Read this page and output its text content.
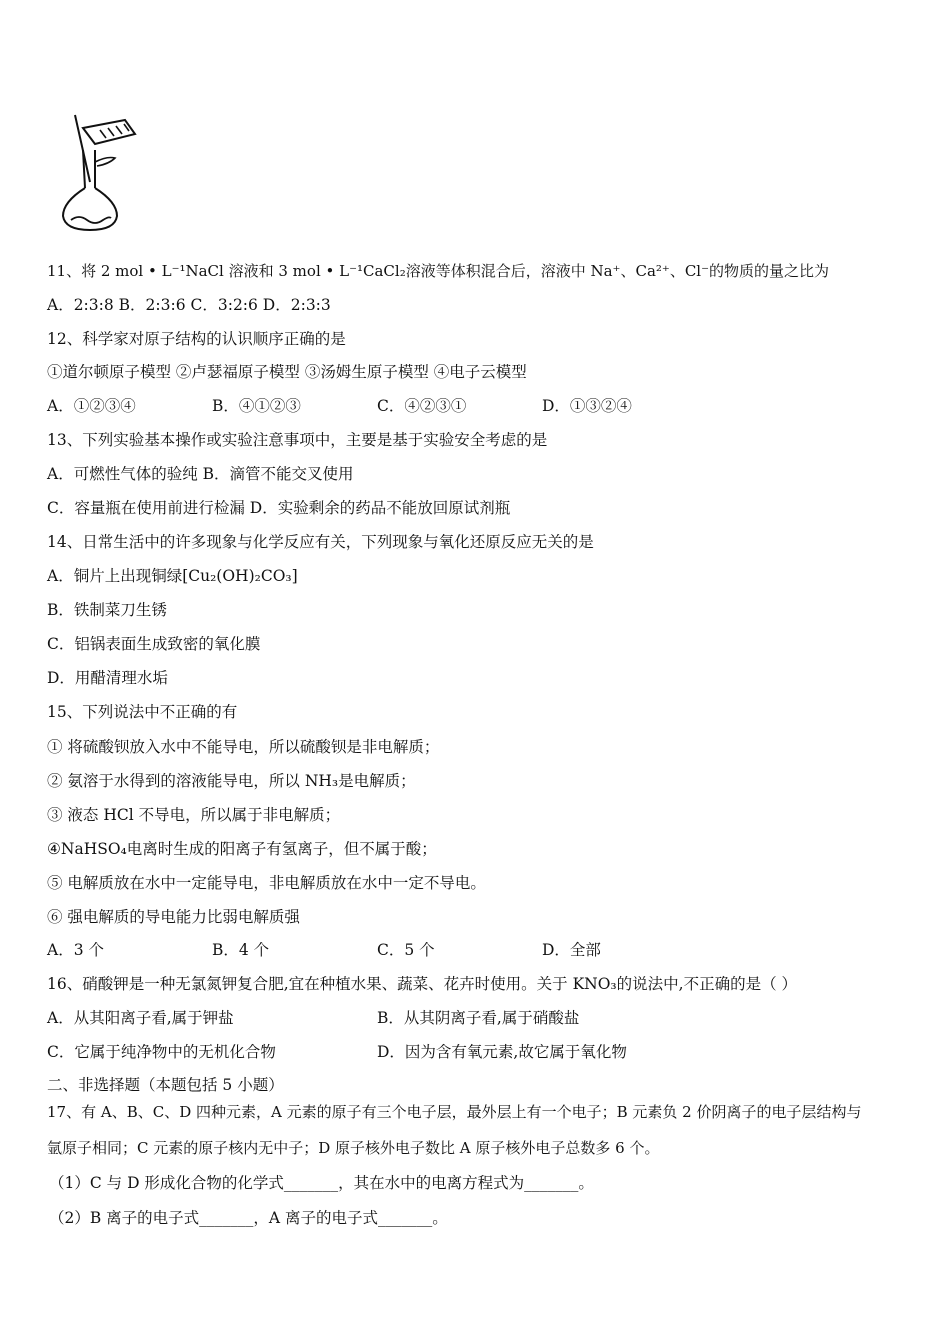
11、将 2 mol • L⁻¹NaCl 溶液和 3 mol • L⁻¹CaCl₂溶液等体积混合后，溶液中 Na⁺、Ca²⁺、Cl⁻的物质的量之比为
A．2:3:8 B．2:3:6 C．3:2:6 D．2:3:3
12、科学家对原子结构的认识顺序正确的是
①道尔顿原子模型 ②卢瑟福原子模型 ③汤姆生原子模型 ④电子云模型
A．①②③④	B．④①②③	C．④②③①	D．①③②④
13、下列实验基本操作或实验注意事项中，主要是基于实验安全考虑的是
A．可燃性气体的验纯 B．滴管不能交叉使用
C．容量瓶在使用前进行检漏 D．实验剩余的药品不能放回原试剂瓶
14、日常生活中的许多现象与化学反应有关，下列现象与氧化还原反应无关的是
A．铜片上出现铜绿[Cu₂(OH)₂CO₃]
B．铁制菜刀生锈
C．铝锅表面生成致密的氧化膜
D．用醋清理水垢
15、下列说法中不正确的有
① 将硫酸钡放入水中不能导电，所以硫酸钡是非电解质；
② 氨溶于水得到的溶液能导电，所以 NH₃是电解质；
③ 液态 HCl 不导电，所以属于非电解质；
④NaHSO₄电离时生成的阳离子有氢离子，但不属于酸；
⑤ 电解质放在水中一定能导电，非电解质放在水中一定不导电。
⑥ 强电解质的导电能力比弱电解质强
A．3 个	B．4 个	C．5 个	D．全部
16、硝酸钾是一种无氯氮钾复合肥,宜在种植水果、蔬菜、花卉时使用。关于 KNO₃的说法中,不正确的是（ ）
A．从其阳离子看,属于钾盐	B．从其阴离子看,属于硝酸盐
C．它属于纯净物中的无机化合物	D．因为含有氧元素,故它属于氧化物
二、非选择题（本题包括 5 小题）
17、有 A、B、C、D 四种元素，A 元素的原子有三个电子层，最外层上有一个电子；B 元素负 2 价阴离子的电子层结构与
氩原子相同；C 元素的原子核内无中子；D 原子核外电子数比 A 原子核外电子总数多 6 个。
（1）C 与 D 形成化合物的化学式_______，其在水中的电离方程式为_______。
（2）B 离子的电子式_______，A 离子的电子式_______。
